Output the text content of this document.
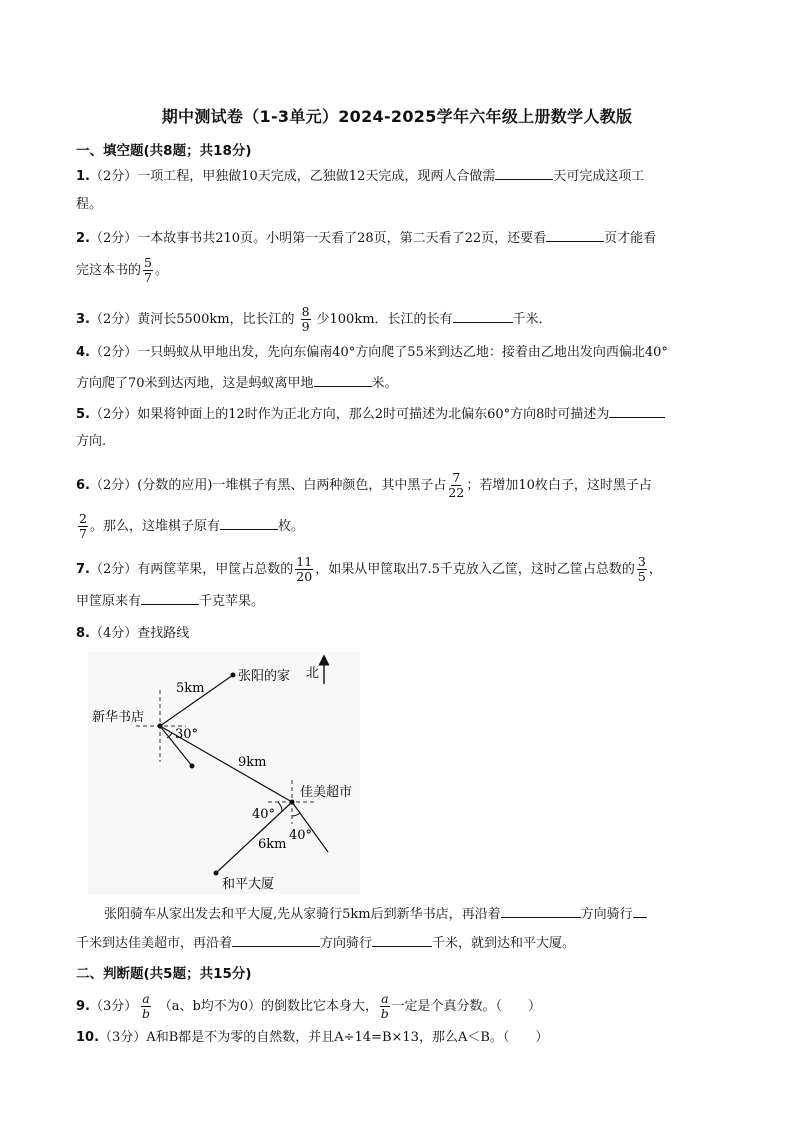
期中测试卷（1-3单元）2024-2025学年六年级上册数学人教版
一、填空题(共8题；共18分)
1.（2分）一项工程，甲独做10天完成，乙独做12天完成，现两人合做需	天可完成这项工
程。
2.（2分）一本故事书共210页。小明第一天看了28页，第二天看了22页，还要看	页才能看
完这本书的 $\frac{5}{7}$ 。
3.（2分）黄河长5500km，比长江的 $\frac{8}{9}$ 少100km．长江的长有	千米．
4.（2分）一只蚂蚁从甲地出发，先向东偏南40°方向爬了55米到达乙地：接着由乙地出发向西偏北40°
方向爬了70米到达丙地，这是蚂蚁离甲地	米。
5.（2分）如果将钟面上的12时作为正北方向，那么2时可描述为北偏东60°方向8时可描述为
方向.
6.（2分）(分数的应用)一堆棋子有黑、白两种颜色，其中黑子占 $\frac{7}{22}$ ；若增加10枚白子，这时黑子占
$\frac{2}{7}$ 。那么，这堆棋子原有	枚。
7.（2分）有两筐苹果，甲筐占总数的 $\frac{11}{20}$ ，如果从甲筐取出7.5千克放入乙筐，这时乙筐占总数的 $\frac{3}{5}$ ，
甲筐原来有	千克苹果。
8.（4分）查找路线
北
张阳的家
新华书店
佳美超市
和平大厦
5km
9km
6km
30°
40°
40°
张阳骑车从家出发去和平大厦,先从家骑行5km后到新华书店，再沿着	方向骑行
千米到达佳美超市，再沿着	方向骑行	千米，就到达和平大厦。
二、判断题(共5题；共15分)
9.（3分） $\frac{a}{b} (a$、b均不为0）的倒数比它本身大， $\frac{a}{b}$ 一定是个真分数。（　　）
10.（3分）A和B都是不为零的自然数，并且A÷14=B×13，那么A＜B。（　　）
